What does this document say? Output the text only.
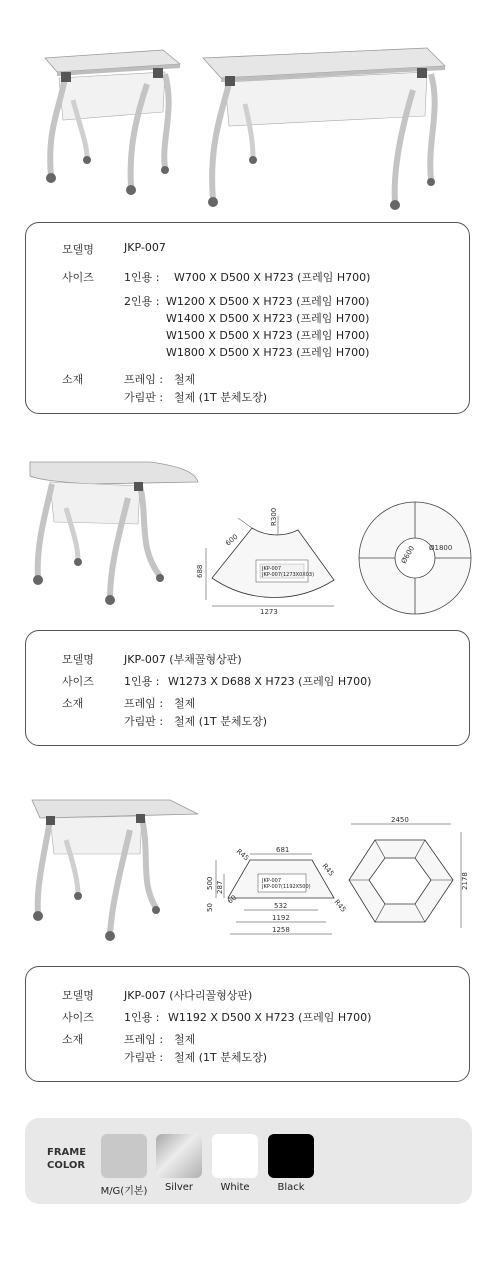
모델명	JKP-007
사이즈	1인용 : W700 X D500 X H723 (프레임 H700)
2인용 : W1200 X D500 X H723 (프레임 H700)
W1400 X D500 X H723 (프레임 H700)
W1500 X D500 X H723 (프레임 H700)
W1800 X D500 X H723 (프레임 H700)
소재	프레임 : 철제
가림판 : 철제 (1T 분체도장)
R300
600
688
1273
JKP-007
JKP-007(1273X0X03)
Ø600 Ø1800
모델명	JKP-007 (부채꼴형상판)
사이즈	1인용 : W1273 X D688 X H723 (프레임 H700)
소재	프레임 : 철제
가림판 : 철제 (1T 분체도장)
R45	681
R45
500 287
50
60
532
1192
1258
R45
JKP-007
JKP-007(1192X500)
2450
2178
모델명	JKP-007 (사다리꼴형상판)
사이즈	1인용 : W1192 X D500 X H723 (프레임 H700)
소재	프레임 : 철제
가림판 : 철제 (1T 분체도장)
FRAME
COLOR
M/G(기본)	Silver	White	Black
